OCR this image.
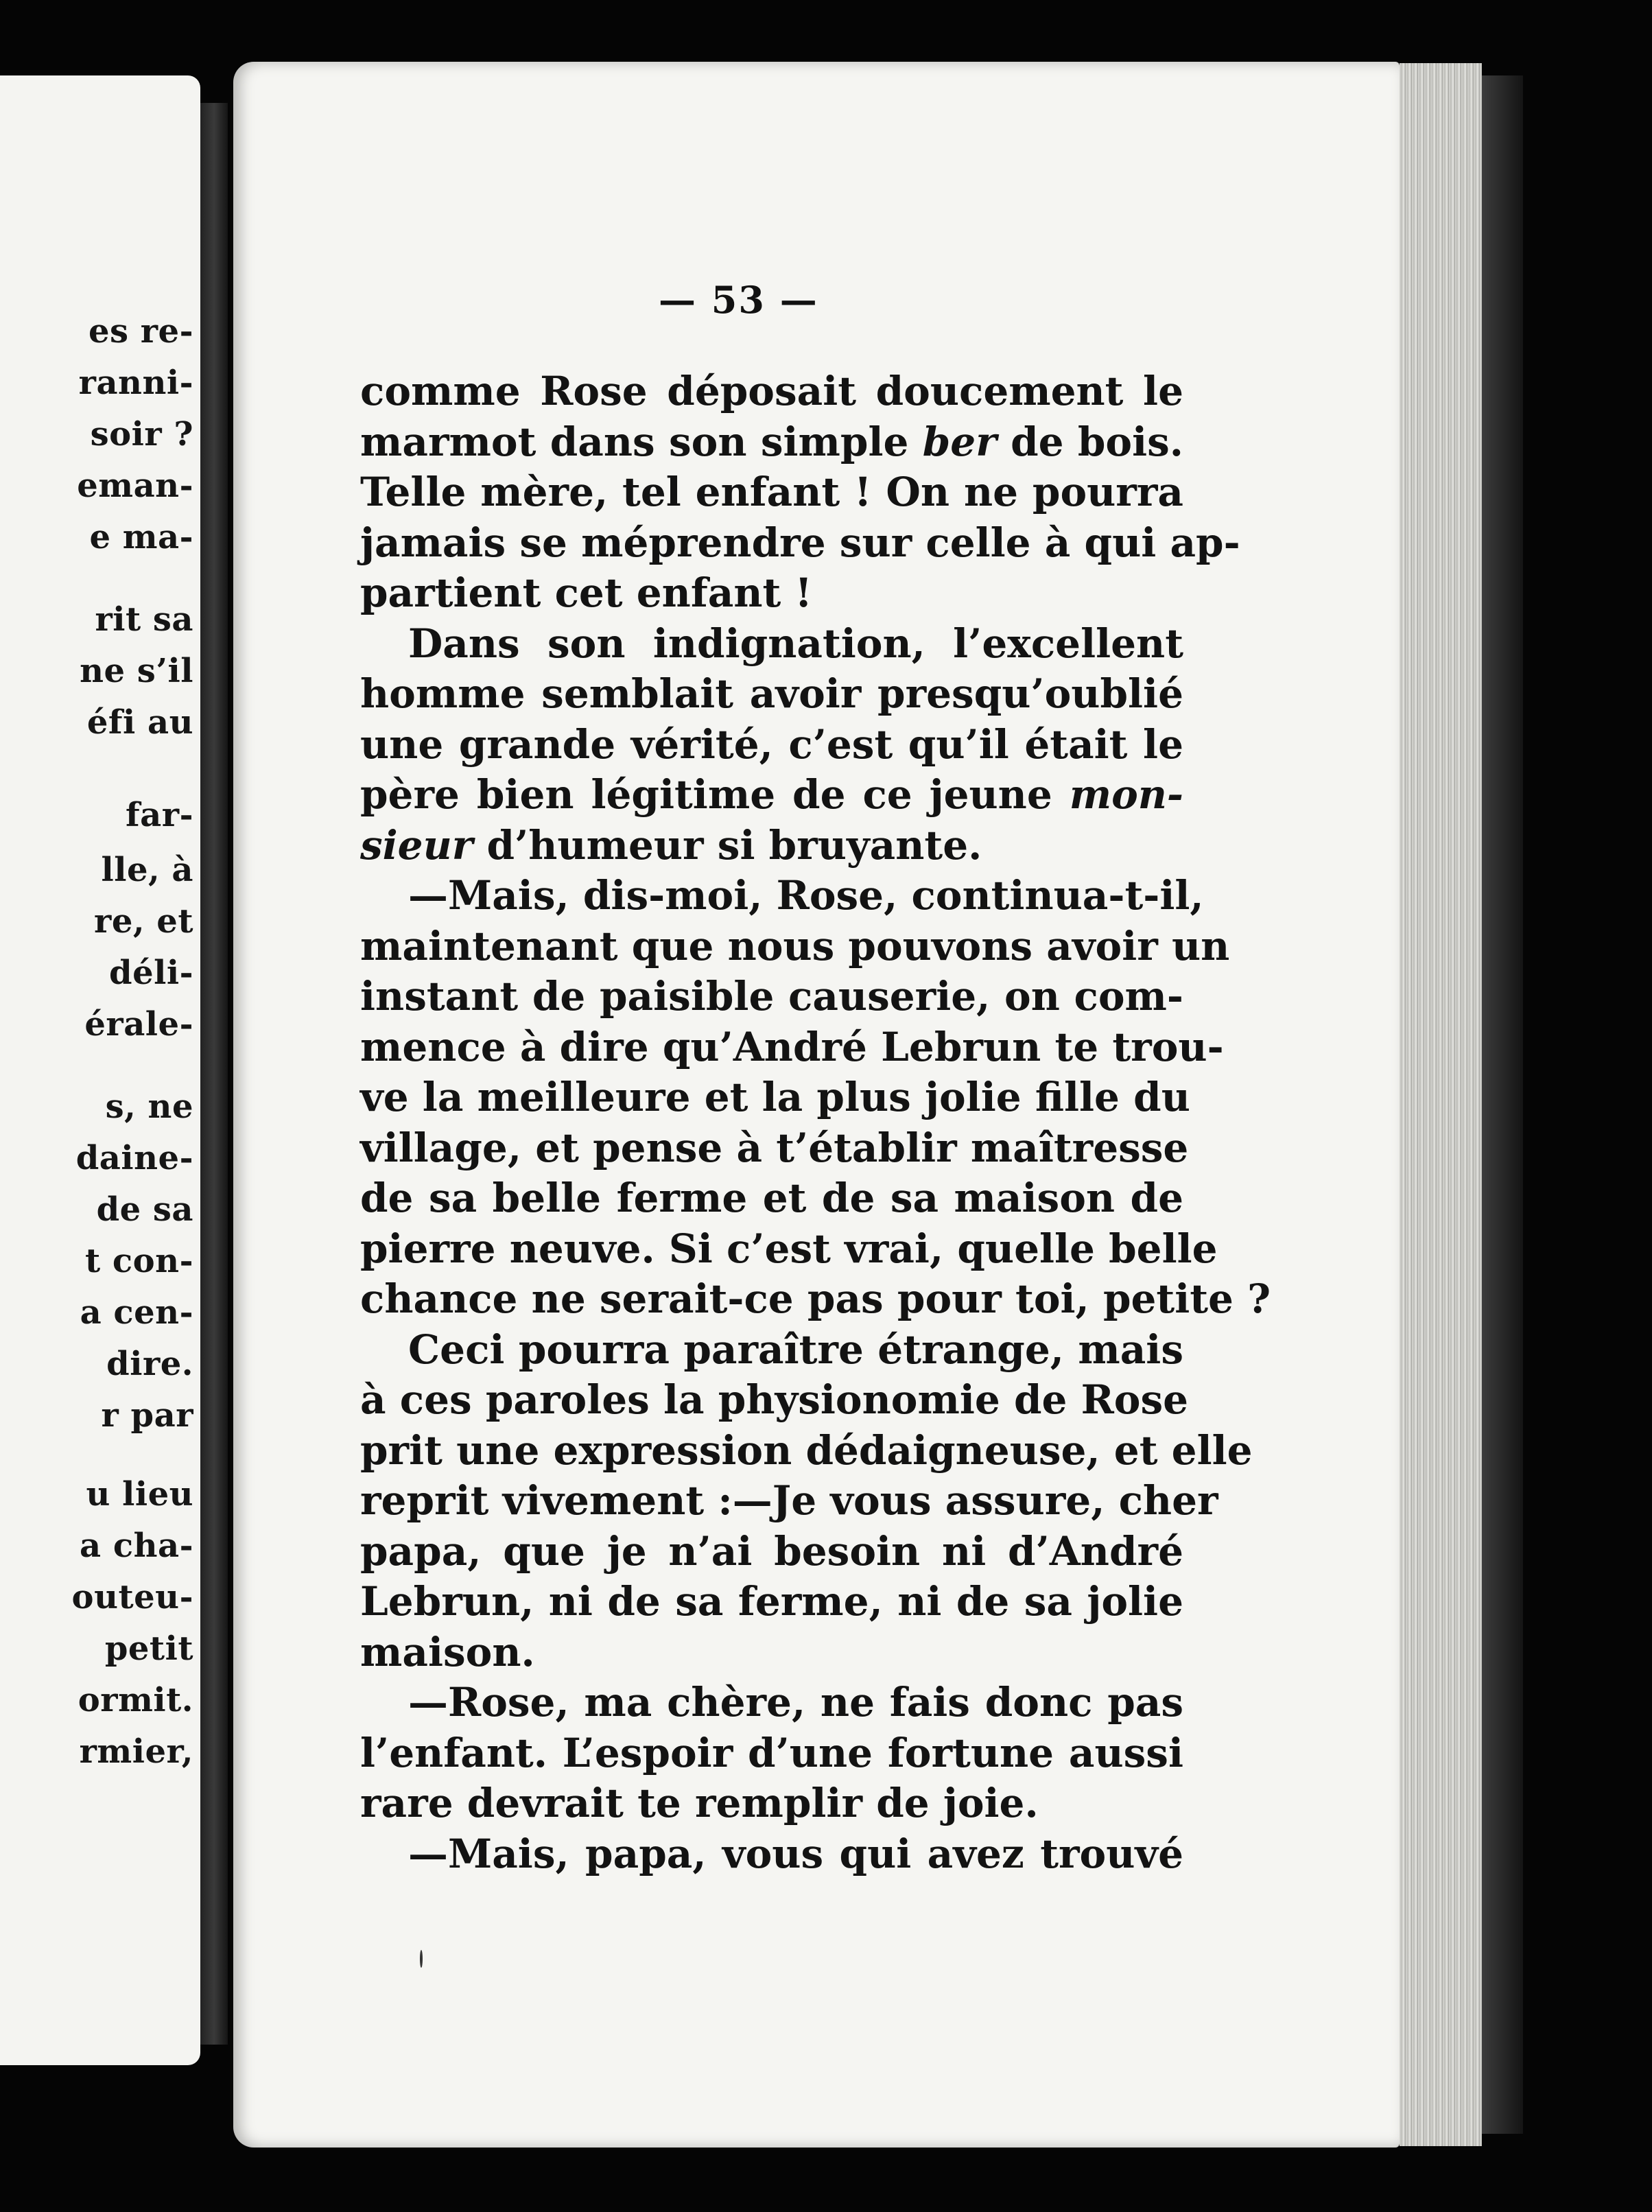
es re-
ranni-
soir ?
eman-
e ma-
rit sa
ne s’il
éfi au
far-
lle, à
re, et
déli-
érale-
s, ne
daine-
de sa
t con-
a cen-
dire.
r par
u lieu
a cha-
outeu-
petit
ormit.
rmier,
— 53 —
comme Rose déposait doucement le
marmot dans son simple ber de bois.
Telle mère, tel enfant ! On ne pourra
jamais se méprendre sur celle à qui ap-
partient cet enfant !
Dans son indignation, l’excellent
homme semblait avoir presqu’oublié
une grande vérité, c’est qu’il était le
père bien légitime de ce jeune mon-
sieur d’humeur si bruyante.
—Mais, dis-moi, Rose, continua-t-il,
maintenant que nous pouvons avoir un
instant de paisible causerie, on com-
mence à dire qu’André Lebrun te trou-
ve la meilleure et la plus jolie fille du
village, et pense à t’établir maîtresse
de sa belle ferme et de sa maison de
pierre neuve. Si c’est vrai, quelle belle
chance ne serait-ce pas pour toi, petite ?
Ceci pourra paraître étrange, mais
à ces paroles la physionomie de Rose
prit une expression dédaigneuse, et elle
reprit vivement :—Je vous assure, cher
papa, que je n’ai besoin ni d’André
Lebrun, ni de sa ferme, ni de sa jolie
maison.
—Rose, ma chère, ne fais donc pas
l’enfant. L’espoir d’une fortune aussi
rare devrait te remplir de joie.
—Mais, papa, vous qui avez trouvé
